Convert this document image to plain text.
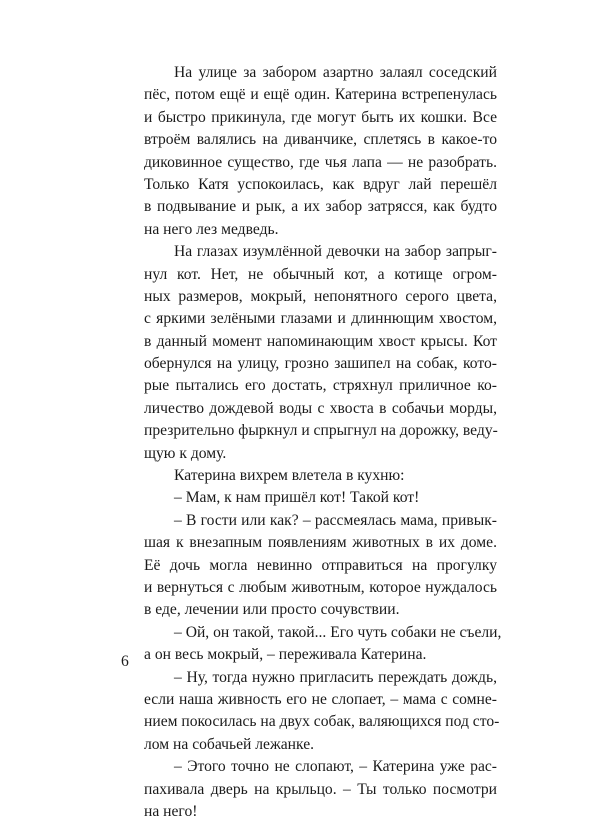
На улице за забором азартно залаял соседский
пёс, потом ещё и ещё один. Катерина встрепенулась
и быстро прикинула, где могут быть их кошки. Все
втроём валялись на диванчике, сплетясь в какое-то
диковинное существо, где чья лапа — не разобрать.
Только Катя успокоилась, как вдруг лай перешёл
в подвывание и рык, а их забор затрясся, как будто
на него лез медведь.
На глазах изумлённой девочки на забор запрыг-
нул кот. Нет, не обычный кот, а котище огром-
ных размеров, мокрый, непонятного серого цвета,
с яркими зелёными глазами и длиннющим хвостом,
в данный момент напоминающим хвост крысы. Кот
обернулся на улицу, грозно зашипел на собак, кото-
рые пытались его достать, стряхнул приличное ко-
личество дождевой воды с хвоста в собачьи морды,
презрительно фыркнул и спрыгнул на дорожку, веду-
щую к дому.
Катерина вихрем влетела в кухню:
– Мам, к нам пришёл кот! Такой кот!
– В гости или как? – рассмеялась мама, привык-
шая к внезапным появлениям животных в их доме.
Её дочь могла невинно отправиться на прогулку
и вернуться с любым животным, которое нуждалось
в еде, лечении или просто сочувствии.
– Ой, он такой, такой... Его чуть собаки не съели,
а он весь мокрый, – переживала Катерина.
– Ну, тогда нужно пригласить переждать дождь,
если наша живность его не слопает, – мама с сомне-
нием покосилась на двух собак, валяющихся под сто-
лом на собачьей лежанке.
– Этого точно не слопают, – Катерина уже рас-
пахивала дверь на крыльцо. – Ты только посмотри
на него!
6
